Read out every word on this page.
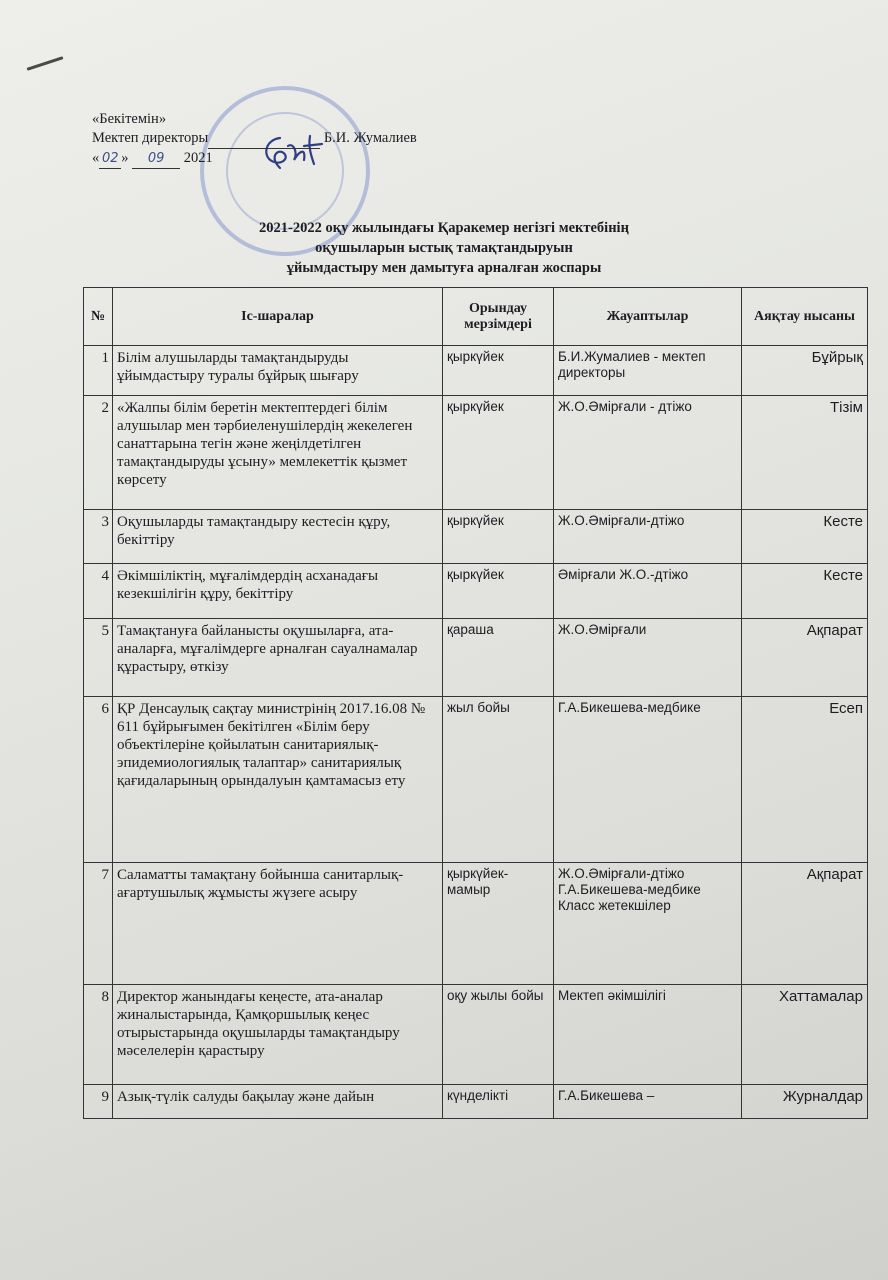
«Бекітемін»
Мектеп директоры	Б.И. Жумалиев
« 02 » 09 2021
2021-2022 оқу жылындағы Қаракемер негізгі мектебінің
оқушыларын ыстық тамақтандыруын
ұйымдастыру мен дамытуға арналған жоспары
№	Іс-шаралар	Орындау мерзімдері	Жауаптылар	Аяқтау нысаны
1	Білім алушыларды тамақтандыруды ұйымдастыру туралы бұйрық шығару	қыркүйек	Б.И.Жумалиев - мектеп директоры	Бұйрық
2	«Жалпы білім беретін мектептердегі білім алушылар мен тәрбиеленушілердің жекелеген санаттарына тегін және жеңілдетілген тамақтандыруды ұсыну» мемлекеттік қызмет көрсету	қыркүйек	Ж.О.Әмірғали - дтіжо	Тізім
3	Оқушыларды тамақтандыру кестесін құру, бекіттіру	қыркүйек	Ж.О.Әмірғали-дтіжо	Кесте
4	Әкімшіліктің, мұғалімдердің асханадағы кезекшілігін құру, бекіттіру	қыркүйек	Әмірғали Ж.О.-дтіжо	Кесте
5	Тамақтануға байланысты оқушыларға, ата-аналарға, мұғалімдерге арналған сауалнамалар құрастыру, өткізу	қараша	Ж.О.Әмірғали	Ақпарат
6	ҚР Денсаулық сақтау министрінің 2017.16.08 № 611 бұйрығымен бекітілген «Білім беру объектілеріне қойылатын санитариялық-эпидемиологиялық талаптар» санитариялық қағидаларының орындалуын қамтамасыз ету	жыл бойы	Г.А.Бикешева-медбике	Есеп
7	Саламатты тамақтану бойынша санитарлық-ағартушылық жұмысты жүзеге асыру	қыркүйек-мамыр	Ж.О.Әмірғали-дтіжо Г.А.Бикешева-медбике Класс жетекшілер	Ақпарат
8	Директор жанындағы кеңесте, ата-аналар жиналыстарында, Қамқоршылық кеңес отырыстарында оқушыларды тамақтандыру мәселелерін қарастыру	оқу жылы бойы	Мектеп әкімшілігі	Хаттамалар
9	Азық-түлік салуды бақылау және дайын	күнделікті	Г.А.Бикешева –	Журналдар
